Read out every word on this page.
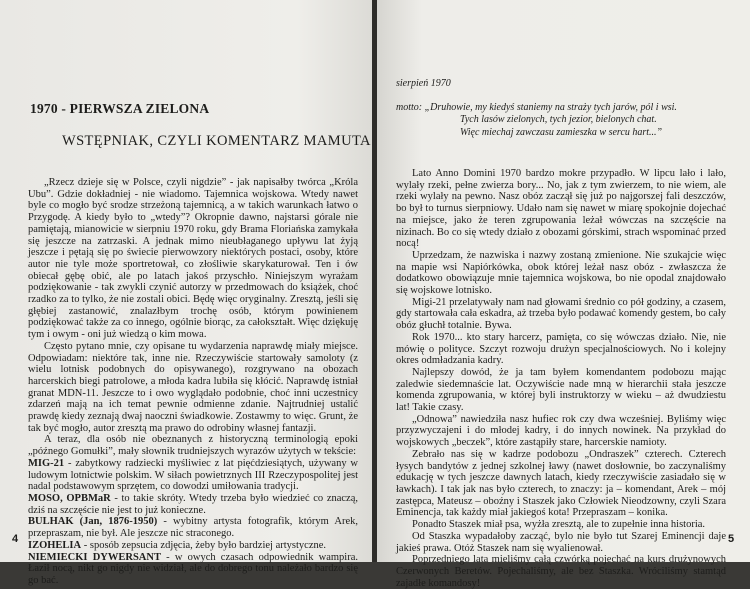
1970 - PIERWSZA ZIELONA
WSTĘPNIAK, CZYLI KOMENTARZ MAMUTA

„Rzecz dzieje się w Polsce, czyli nigdzie” - jak napisałby twórca „Króla Ubu”. Gdzie dokładniej - nie wiadomo. Tajemnica wojskowa. Wtedy nawet byle co mogło być srodze strzeżoną tajemnicą, a w takich warunkach łatwo o Przygodę. A kiedy było to „wtedy”? Okropnie dawno, najstarsi górale nie pamiętają, mianowicie w sierpniu 1970 roku, gdy Brama Floriańska zamykała się jeszcze na zatrzaski. A jednak mimo nieubłaganego upływu lat żyją jeszcze i pętają się po świecie pierwowzory niektórych postaci, osoby, które autor nie tyle może sportretował, co złośliwie skarykaturował. Ten i ów obiecał gębę obić, ale po latach jakoś przyschło. Niniejszym wyrażam podziękowanie - tak zwykli czynić autorzy w przedmowach do książek, choć rzadko za to tylko, że nie zostali obici. Będę więc oryginalny. Zresztą, jeśli się głębiej zastanowić, znalazłbym trochę osób, którym powinienem podziękować także za co innego, ogólnie biorąc, za całokształt. Więc dziękuję tym i owym - oni już wiedzą o kim mowa.

Często pytano mnie, czy opisane tu wydarzenia naprawdę miały miejsce. Odpowiadam: niektóre tak, inne nie. Rzeczywiście startowały samoloty (z wielu lotnisk podobnych do opisywanego), rozgrywano na obozach harcerskich biegi patrolowe, a młoda kadra lubiła się kłócić. Naprawdę istniał granat MDN-11. Jeszcze to i owo wyglądało podobnie, choć inni uczestnicy zdarzeń mają na ich temat pewnie odmienne zdanie. Najtrudniej ustalić prawdę kiedy zeznają dwaj naoczni świadkowie. Zostawmy to więc. Grunt, że tak być mogło, autor zresztą ma prawo do odrobiny własnej fantazji.

A teraz, dla osób nie obeznanych z historyczną terminologią epoki „późnego Gomułki”, mały słownik trudniejszych wyrazów użytych w tekście:

MIG-21 - zabytkowy radziecki myśliwiec z lat pięćdziesiątych, używany w ludowym lotnictwie polskim. W siłach powietrznych III Rzeczypospolitej jest nadal podstawowym sprzętem, co dowodzi umiłowania tradycji.

MOSO, OPBMaR - to takie skróty. Wtedy trzeba było wiedzieć co znaczą, dziś na szczęście nie jest to już konieczne.

BULHAK (Jan, 1876-1950) - wybitny artysta fotografik, którym Arek, przepraszam, nie był. Ale jeszcze nic straconego.

IZOHELIA - sposób zepsucia zdjęcia, żeby było bardziej artystyczne.

NIEMIECKI DYWERSANT - w owych czasach odpowiednik wampira. Łaził nocą, nikt go nigdy nie widział, ale do dobrego tonu należało bardzo się go bać.

4
sierpień 1970
motto: „Druhowie, my kiedyś staniemy na straży tych jarów, pól i wsi.
Tych lasów zielonych, tych jezior, bielonych chat.
Więc miechaj zawczasu zamieszka w sercu hart...”

Lato Anno Domini 1970 bardzo mokre przypadło. W lipcu lało i lało, wylały rzeki, pełne zwierza bory... No, jak z tym zwierzem, to nie wiem, ale rzeki wylały na pewno. Nasz obóz zaczął się już po najgorszej fali deszczów, bo był to turnus sierpniowy. Udało nam się nawet w miarę spokojnie dojechać na miejsce, jako że teren zgrupowania leżał wówczas na szczęście na nizinach. Bo co się wtedy działo z obozami górskimi, strach wspominać przed nocą!

Uprzedzam, że nazwiska i nazwy zostaną zmienione. Nie szukajcie więc na mapie wsi Napiórkówka, obok której leżał nasz obóz - zwłaszcza że dodatkowo obowiązuje mnie tajemnica wojskowa, bo nie opodal znajdowało się wojskowe lotnisko.

Migi-21 przelatywały nam nad głowami średnio co pół godziny, a czasem, gdy startowała cała eskadra, aż trzeba było podawać komendy gestem, bo cały obóz głuchł totalnie. Bywa.

Rok 1970... kto stary harcerz, pamięta, co się wówczas działo. Nie, nie mówię o polityce. Szczyt rozwoju drużyn specjalnościowych. No i kolejny okres odmładzania kadry.

Najlepszy dowód, że ja tam byłem komendantem podobozu mając zaledwie siedemnaście lat. Oczywiście nade mną w hierarchii stała jeszcze komenda zgrupowania, w której byli instruktorzy w wieku – aż dwudziestu lat! Takie czasy.

„Odnowa” nawiedziła nasz hufiec rok czy dwa wcześniej. Byliśmy więc przyzwyczajeni i do młodej kadry, i do innych nowinek. Na przykład do wojskowych „beczek”, które zastąpiły stare, harcerskie namioty.

Zebrało nas się w kadrze podobozu „Ondraszek” czterech. Czterech łysych bandytów z jednej szkolnej ławy (nawet dosłownie, bo zaczynaliśmy edukację w tych jeszcze dawnych latach, kiedy rzeczywiście zasiadało się w ławkach). I tak jak nas było czterech, to znaczy: ja – komendant, Arek – mój zastępca, Mateusz – oboźny i Staszek jako Człowiek Nieodzowny, czyli Szara Eminencja, tak każdy miał jakiegoś kota! Przepraszam – konika.

Ponadto Staszek miał psa, wyżła zresztą, ale to zupełnie inna historia.

Od Staszka wypadałoby zacząć, bylo nie było tut Szarej Eminencji daje jakieś prawa. Otóż Staszek nam się wyalienował.

Poprzedniego lata mieliśmy całą czwórką pojechać na kurs drużynowych Czerwonych Beretów. Pojechaliśmy, ale bez Staszka. Wróciliśmy stamtąd zajadłe komandosy!

5
